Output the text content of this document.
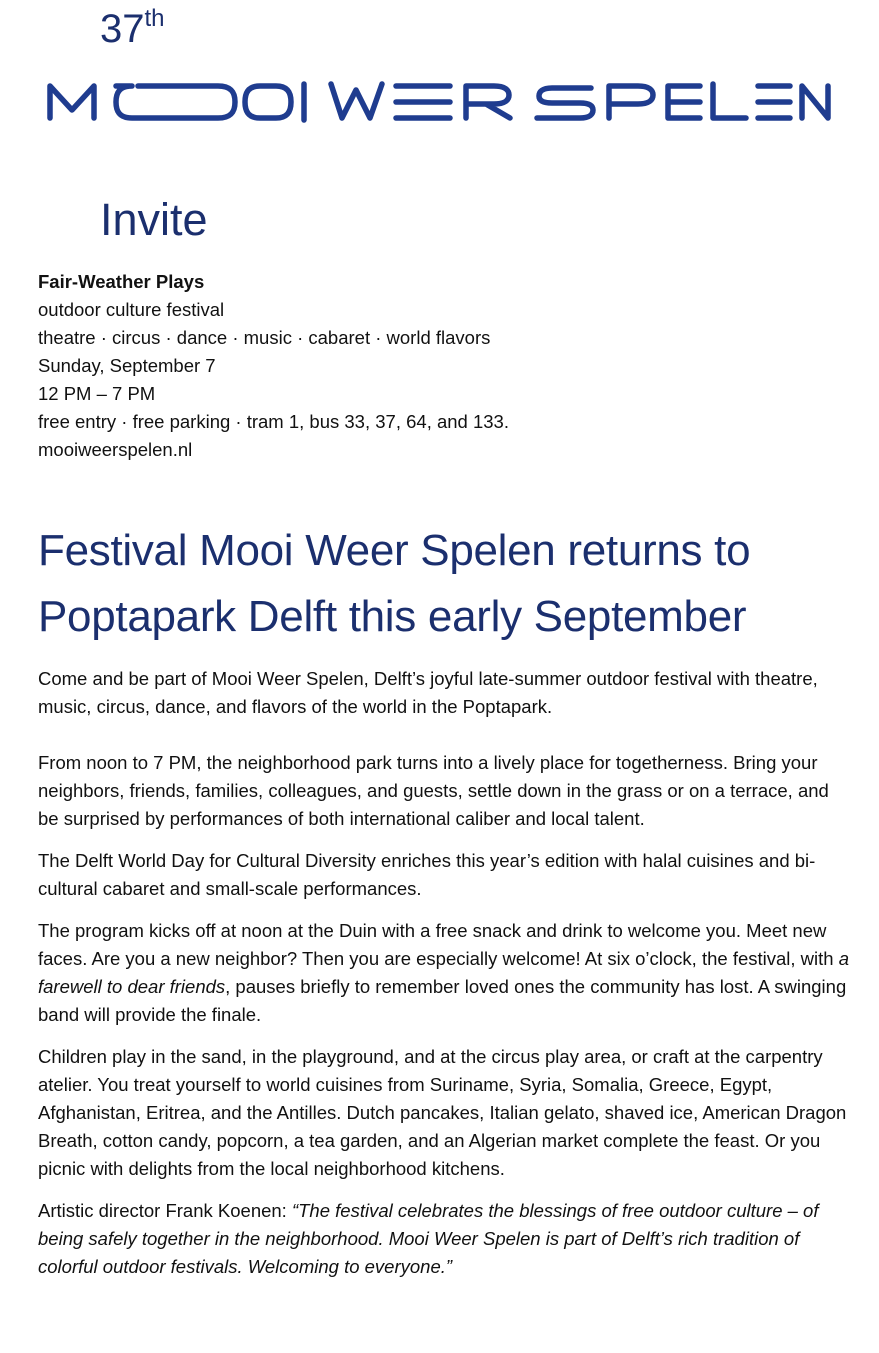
37th
Invite
Fair-Weather Plays
outdoor culture festival
theatre · circus · dance · music · cabaret · world flavors
Sunday, September 7
12 PM – 7 PM
free entry · free parking · tram 1, bus 33, 37, 64, and 133.
mooiweerspelen.nl
Festival Mooi Weer Spelen returns to Poptapark Delft this early September

Come and be part of Mooi Weer Spelen, Delft’s joyful late-summer outdoor festival with theatre, music, circus, dance, and flavors of the world in the Poptapark.

From noon to 7 PM, the neighborhood park turns into a lively place for togetherness. Bring your neighbors, friends, families, colleagues, and guests, settle down in the grass or on a terrace, and be surprised by performances of both international caliber and local talent.

The Delft World Day for Cultural Diversity enriches this year’s edition with halal cuisines and bi-cultural cabaret and small-scale performances.

The program kicks off at noon at the Duin with a free snack and drink to welcome you. Meet new faces. Are you a new neighbor? Then you are especially welcome! At six o’clock, the festival, with a farewell to dear friends, pauses briefly to remember loved ones the community has lost. A swinging band will provide the finale.

Children play in the sand, in the playground, and at the circus play area, or craft at the carpentry atelier. You treat yourself to world cuisines from Suriname, Syria, Somalia, Greece, Egypt, Afghanistan, Eritrea, and the Antilles. Dutch pancakes, Italian gelato, shaved ice, American Dragon Breath, cotton candy, popcorn, a tea garden, and an Algerian market complete the feast. Or you picnic with delights from the local neighborhood kitchens.

Artistic director Frank Koenen: “The festival celebrates the blessings of free outdoor culture – of being safely together in the neighborhood. Mooi Weer Spelen is part of Delft’s rich tradition of colorful outdoor festivals. Welcoming to everyone.”
